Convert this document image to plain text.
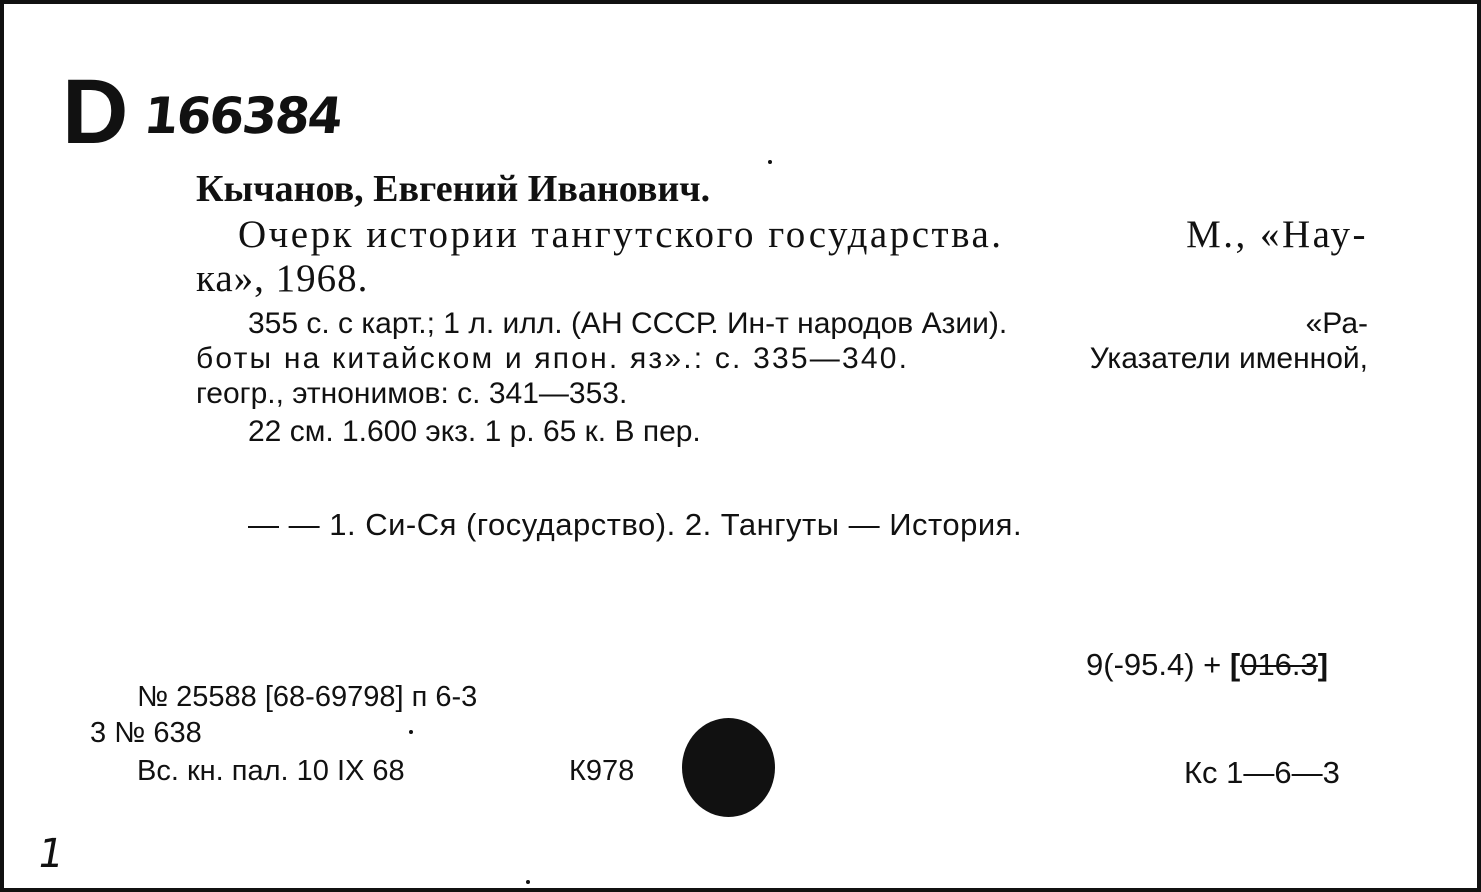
D 166384
Кычанов, Евгений Иванович.
Очерк истории тангутского государства.	М., «Нау-
ка», 1968.
355 с. с карт.; 1 л. илл. (АН СССР. Ин-т народов Азии).	«Ра-
боты на китайском и япон. яз».: с. 335—340.	Указатели именной,
геогр., этнонимов: с. 341—353.
22 см. 1.600 экз. 1 р. 65 к. В пер.
— — 1. Си-Ся (государство). 2. Тангуты — История.
9(-95.4) + [016.3]
№ 25588 [68-69798] п 6-3
3 № 638
Вс. кн. пал. 10 IX 68	К978	Кс 1—6—3
1
